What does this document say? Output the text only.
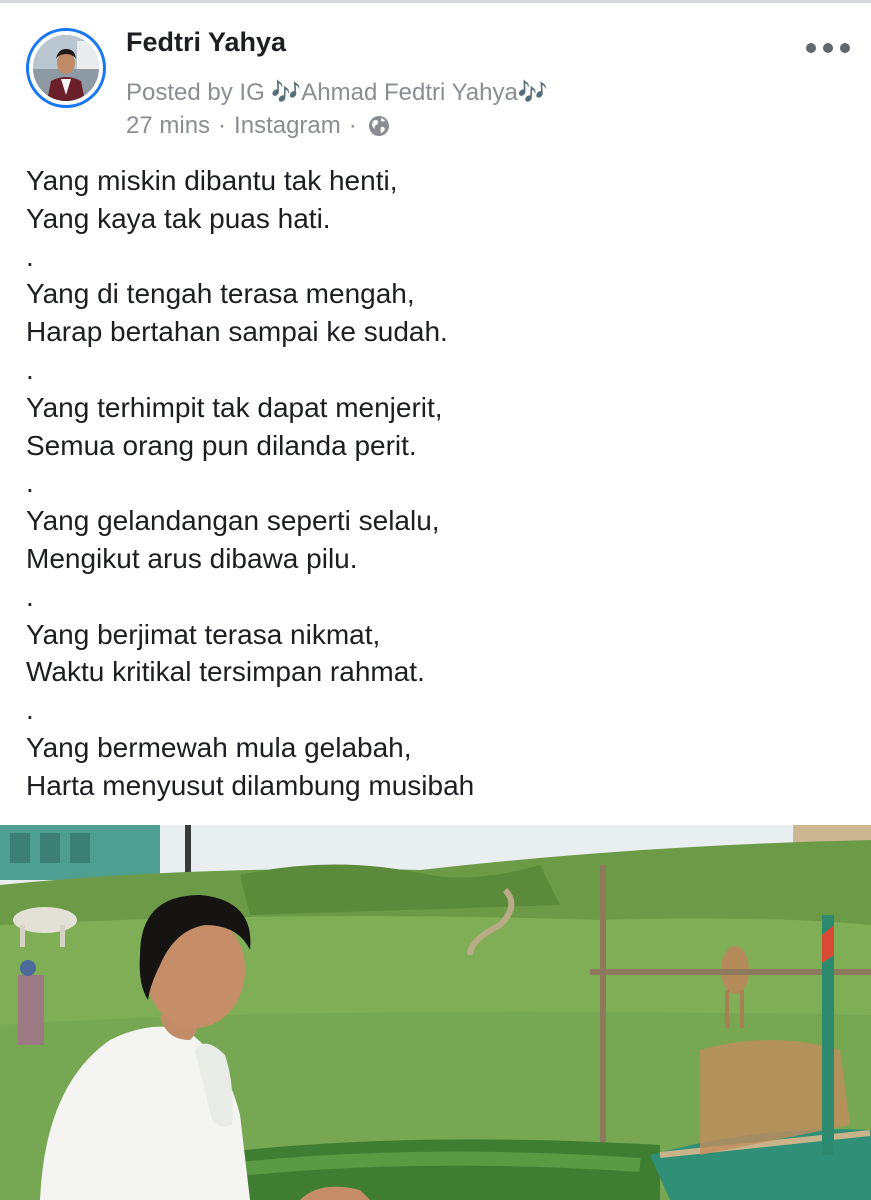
Fedtri Yahya
Posted by IG 🎶Ahmad Fedtri Yahya🎶
27 mins · Instagram ·
Yang miskin dibantu tak henti,
Yang kaya tak puas hati.
.
Yang di tengah terasa mengah,
Harap bertahan sampai ke sudah.
.
Yang terhimpit tak dapat menjerit,
Semua orang pun dilanda perit.
.
Yang gelandangan seperti selalu,
Mengikut arus dibawa pilu.
.
Yang berjimat terasa nikmat,
Waktu kritikal tersimpan rahmat.
.
Yang bermewah mula gelabah,
Harta menyusut dilambung musibah
